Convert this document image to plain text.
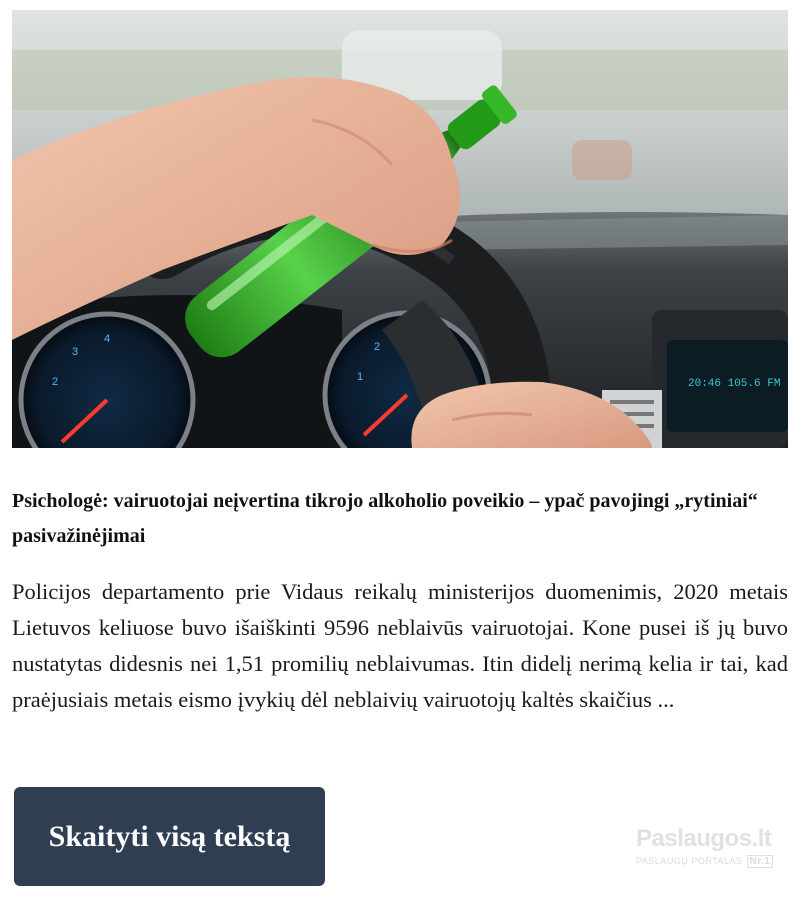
2
3
4
1
2
20:46 105.6 FM
Psichologė: vairuotojai neįvertina tikrojo alkoholio poveikio – ypač pavojingi „rytiniai“ pasivažinėjimai

Policijos departamento prie Vidaus reikalų ministerijos duomenimis, 2020 metais Lietuvos keliuose buvo išaiškinti 9596 neblaivūs vairuotojai. Kone pusei iš jų buvo nustatytas didesnis nei 1,51 promilių neblaivumas. Itin didelį nerimą kelia ir tai, kad praėjusiais metais eismo įvykių dėl neblaivių vairuotojų kaltės skaičius ...

Skaityti visą tekstą	Paslaugos.lt
PASLAUGŲ PORTALAS Nr.1
